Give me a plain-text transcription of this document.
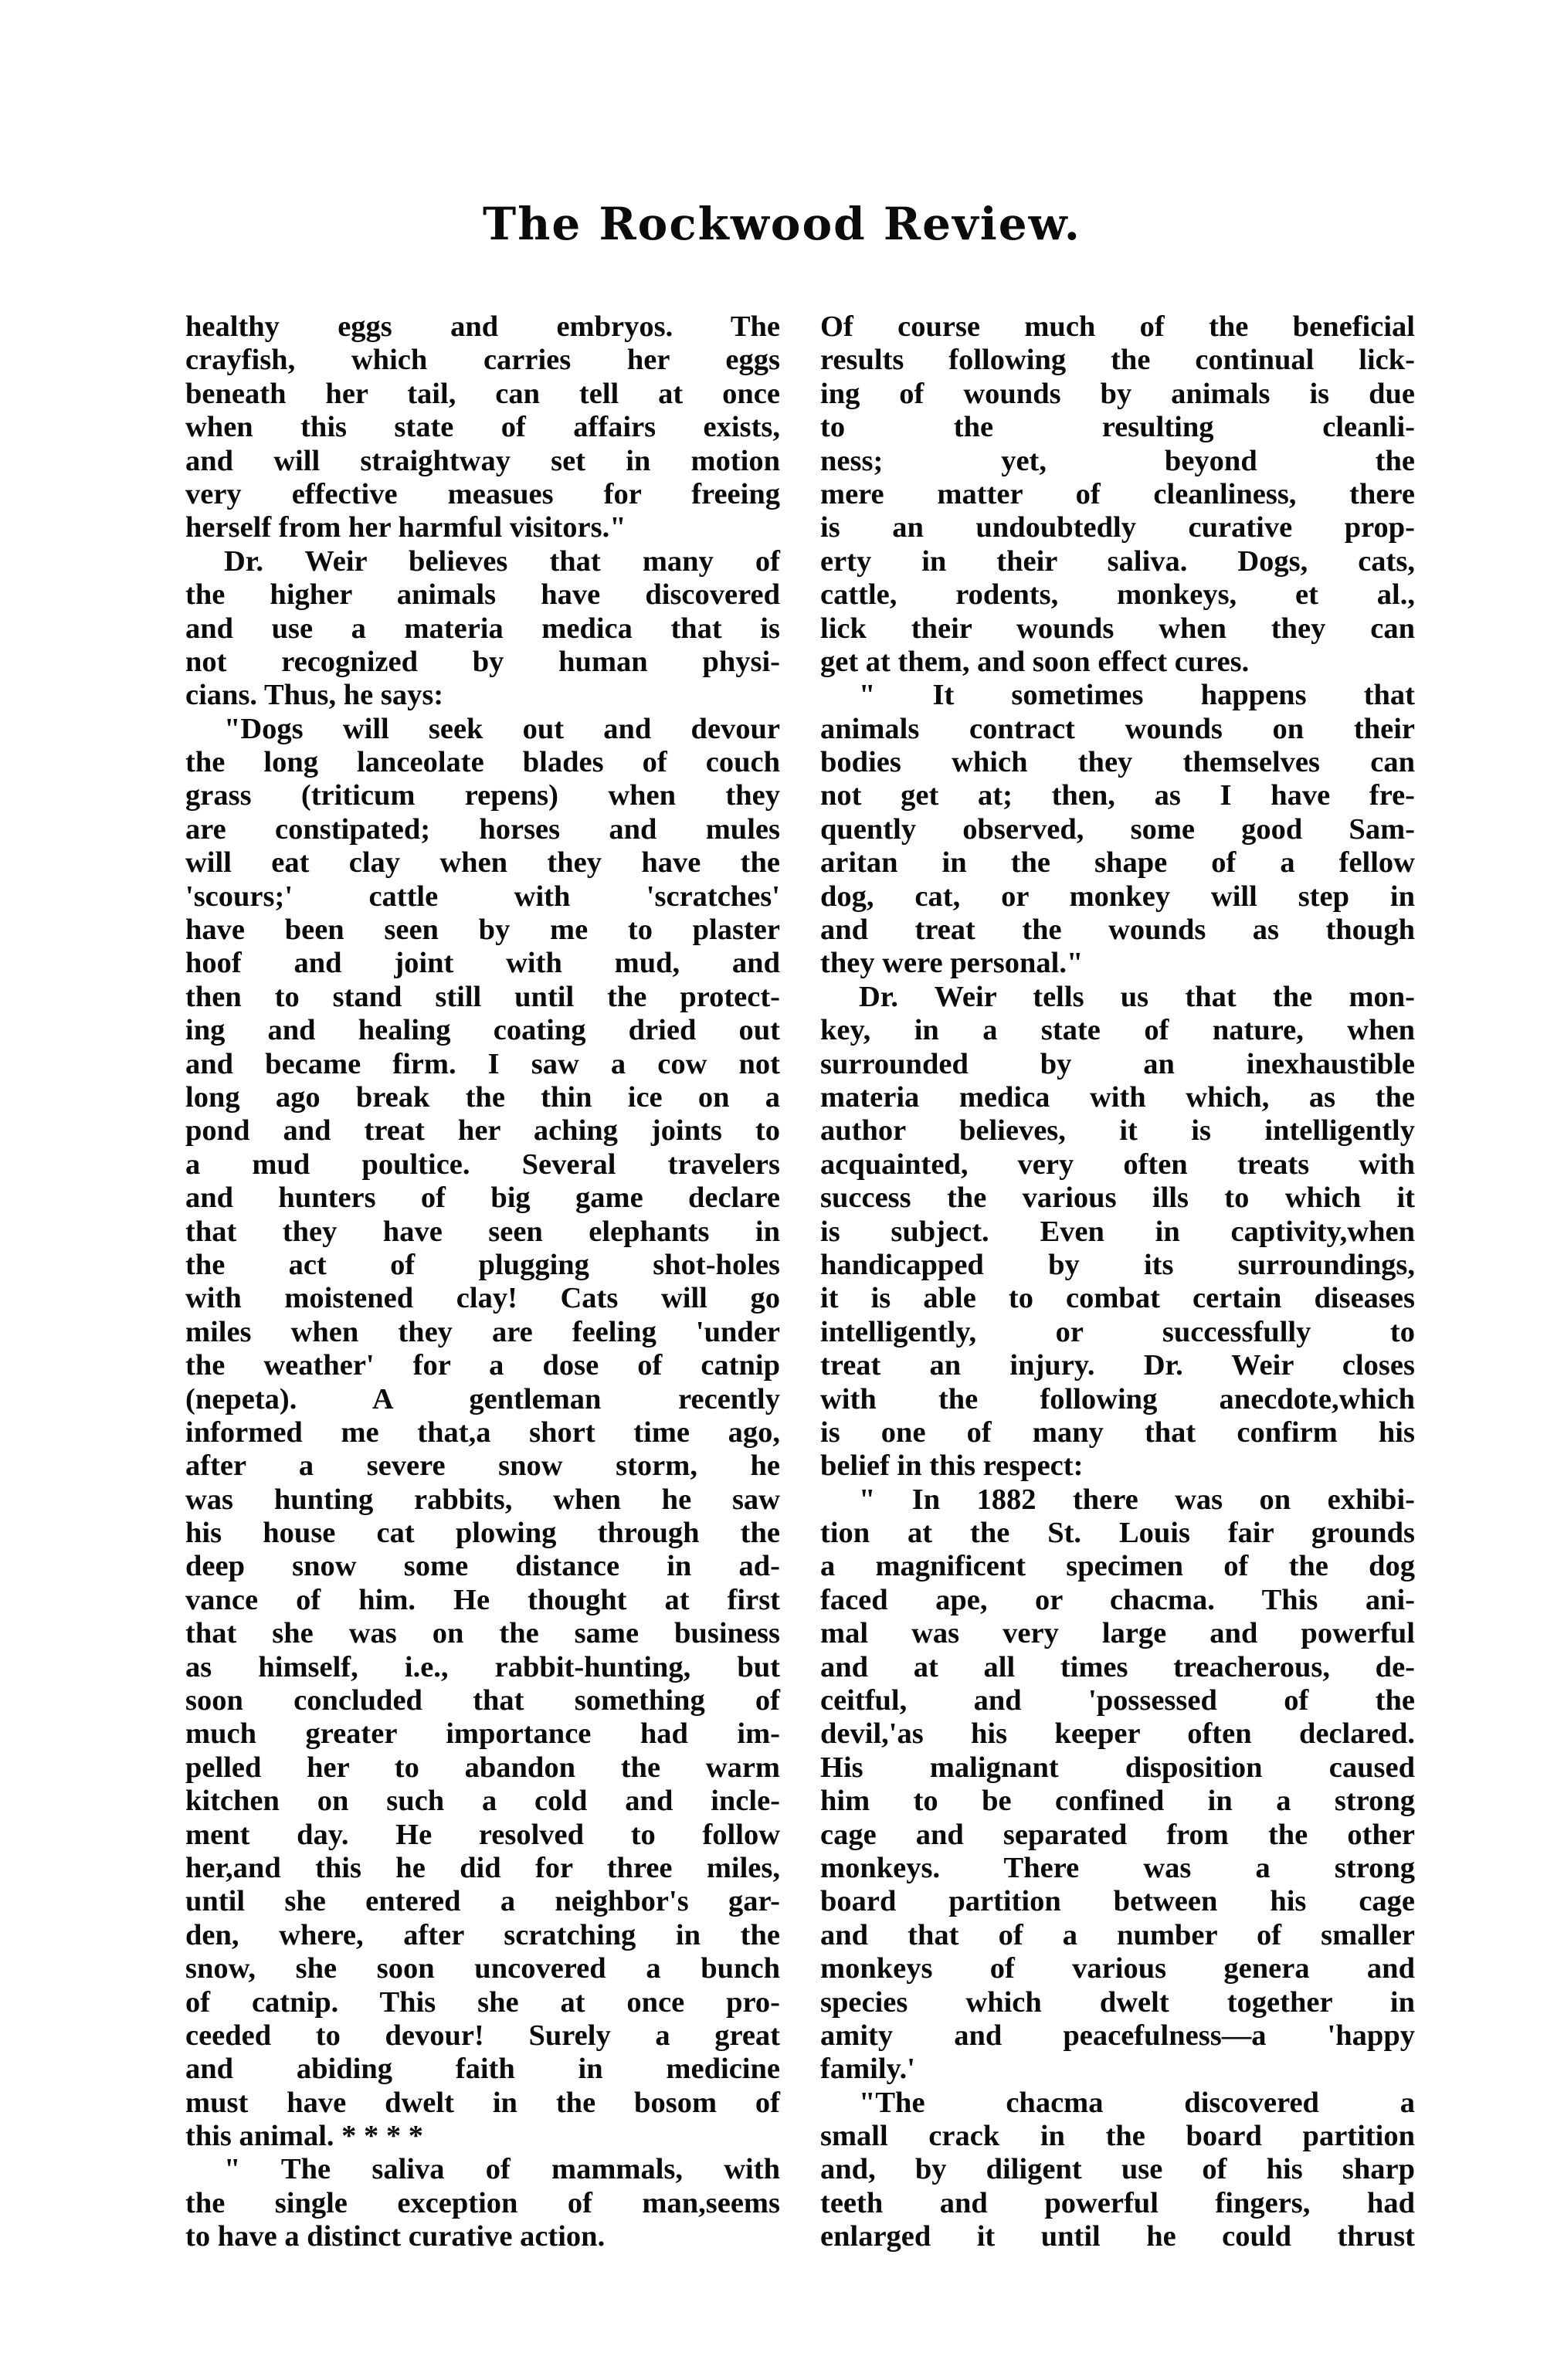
The Rockwood Review.
healthy eggs and embryos. The
crayfish, which carries her eggs
beneath her tail, can tell at once
when this state of affairs exists,
and will straightway set in motion
very effective measues for freeing
herself from her harmful visitors."
Dr. Weir believes that many of
the higher animals have discovered
and use a materia medica that is
not recognized by human physi-
cians. Thus, he says:
"Dogs will seek out and devour
the long lanceolate blades of couch
grass (triticum repens) when they
are constipated; horses and mules
will eat clay when they have the
'scours;' cattle with 'scratches'
have been seen by me to plaster
hoof and joint with mud, and
then to stand still until the protect-
ing and healing coating dried out
and became firm. I saw a cow not
long ago break the thin ice on a
pond and treat her aching joints to
a mud poultice. Several travelers
and hunters of big game declare
that they have seen elephants in
the act of plugging shot-holes
with moistened clay! Cats will go
miles when they are feeling 'under
the weather' for a dose of catnip
(nepeta). A gentleman recently
informed me that,a short time ago,
after a severe snow storm, he
was hunting rabbits, when he saw
his house cat plowing through the
deep snow some distance in ad-
vance of him. He thought at first
that she was on the same business
as himself, i.e., rabbit-hunting, but
soon concluded that something of
much greater importance had im-
pelled her to abandon the warm
kitchen on such a cold and incle-
ment day. He resolved to follow
her,and this he did for three miles,
until she entered a neighbor's gar-
den, where, after scratching in the
snow, she soon uncovered a bunch
of catnip. This she at once pro-
ceeded to devour! Surely a great
and abiding faith in medicine
must have dwelt in the bosom of
this animal. * * * *
" The saliva of mammals, with
the single exception of man,seems
to have a distinct curative action.
Of course much of the beneficial
results following the continual lick-
ing of wounds by animals is due
to the resulting cleanli-
ness; yet, beyond the
mere matter of cleanliness, there
is an undoubtedly curative prop-
erty in their saliva. Dogs, cats,
cattle, rodents, monkeys, et al.,
lick their wounds when they can
get at them, and soon effect cures.
" It sometimes happens that
animals contract wounds on their
bodies which they themselves can
not get at; then, as I have fre-
quently observed, some good Sam-
aritan in the shape of a fellow
dog, cat, or monkey will step in
and treat the wounds as though
they were personal."
Dr. Weir tells us that the mon-
key, in a state of nature, when
surrounded by an inexhaustible
materia medica with which, as the
author believes, it is intelligently
acquainted, very often treats with
success the various ills to which it
is subject. Even in captivity,when
handicapped by its surroundings,
it is able to combat certain diseases
intelligently, or successfully to
treat an injury. Dr. Weir closes
with the following anecdote,which
is one of many that confirm his
belief in this respect:
" In 1882 there was on exhibi-
tion at the St. Louis fair grounds
a magnificent specimen of the dog
faced ape, or chacma. This ani-
mal was very large and powerful
and at all times treacherous, de-
ceitful, and 'possessed of the
devil,'as his keeper often declared.
His malignant disposition caused
him to be confined in a strong
cage and separated from the other
monkeys. There was a strong
board partition between his cage
and that of a number of smaller
monkeys of various genera and
species which dwelt together in
amity and peacefulness—a 'happy
family.'
"The chacma discovered a
small crack in the board partition
and, by diligent use of his sharp
teeth and powerful fingers, had
enlarged it until he could thrust
